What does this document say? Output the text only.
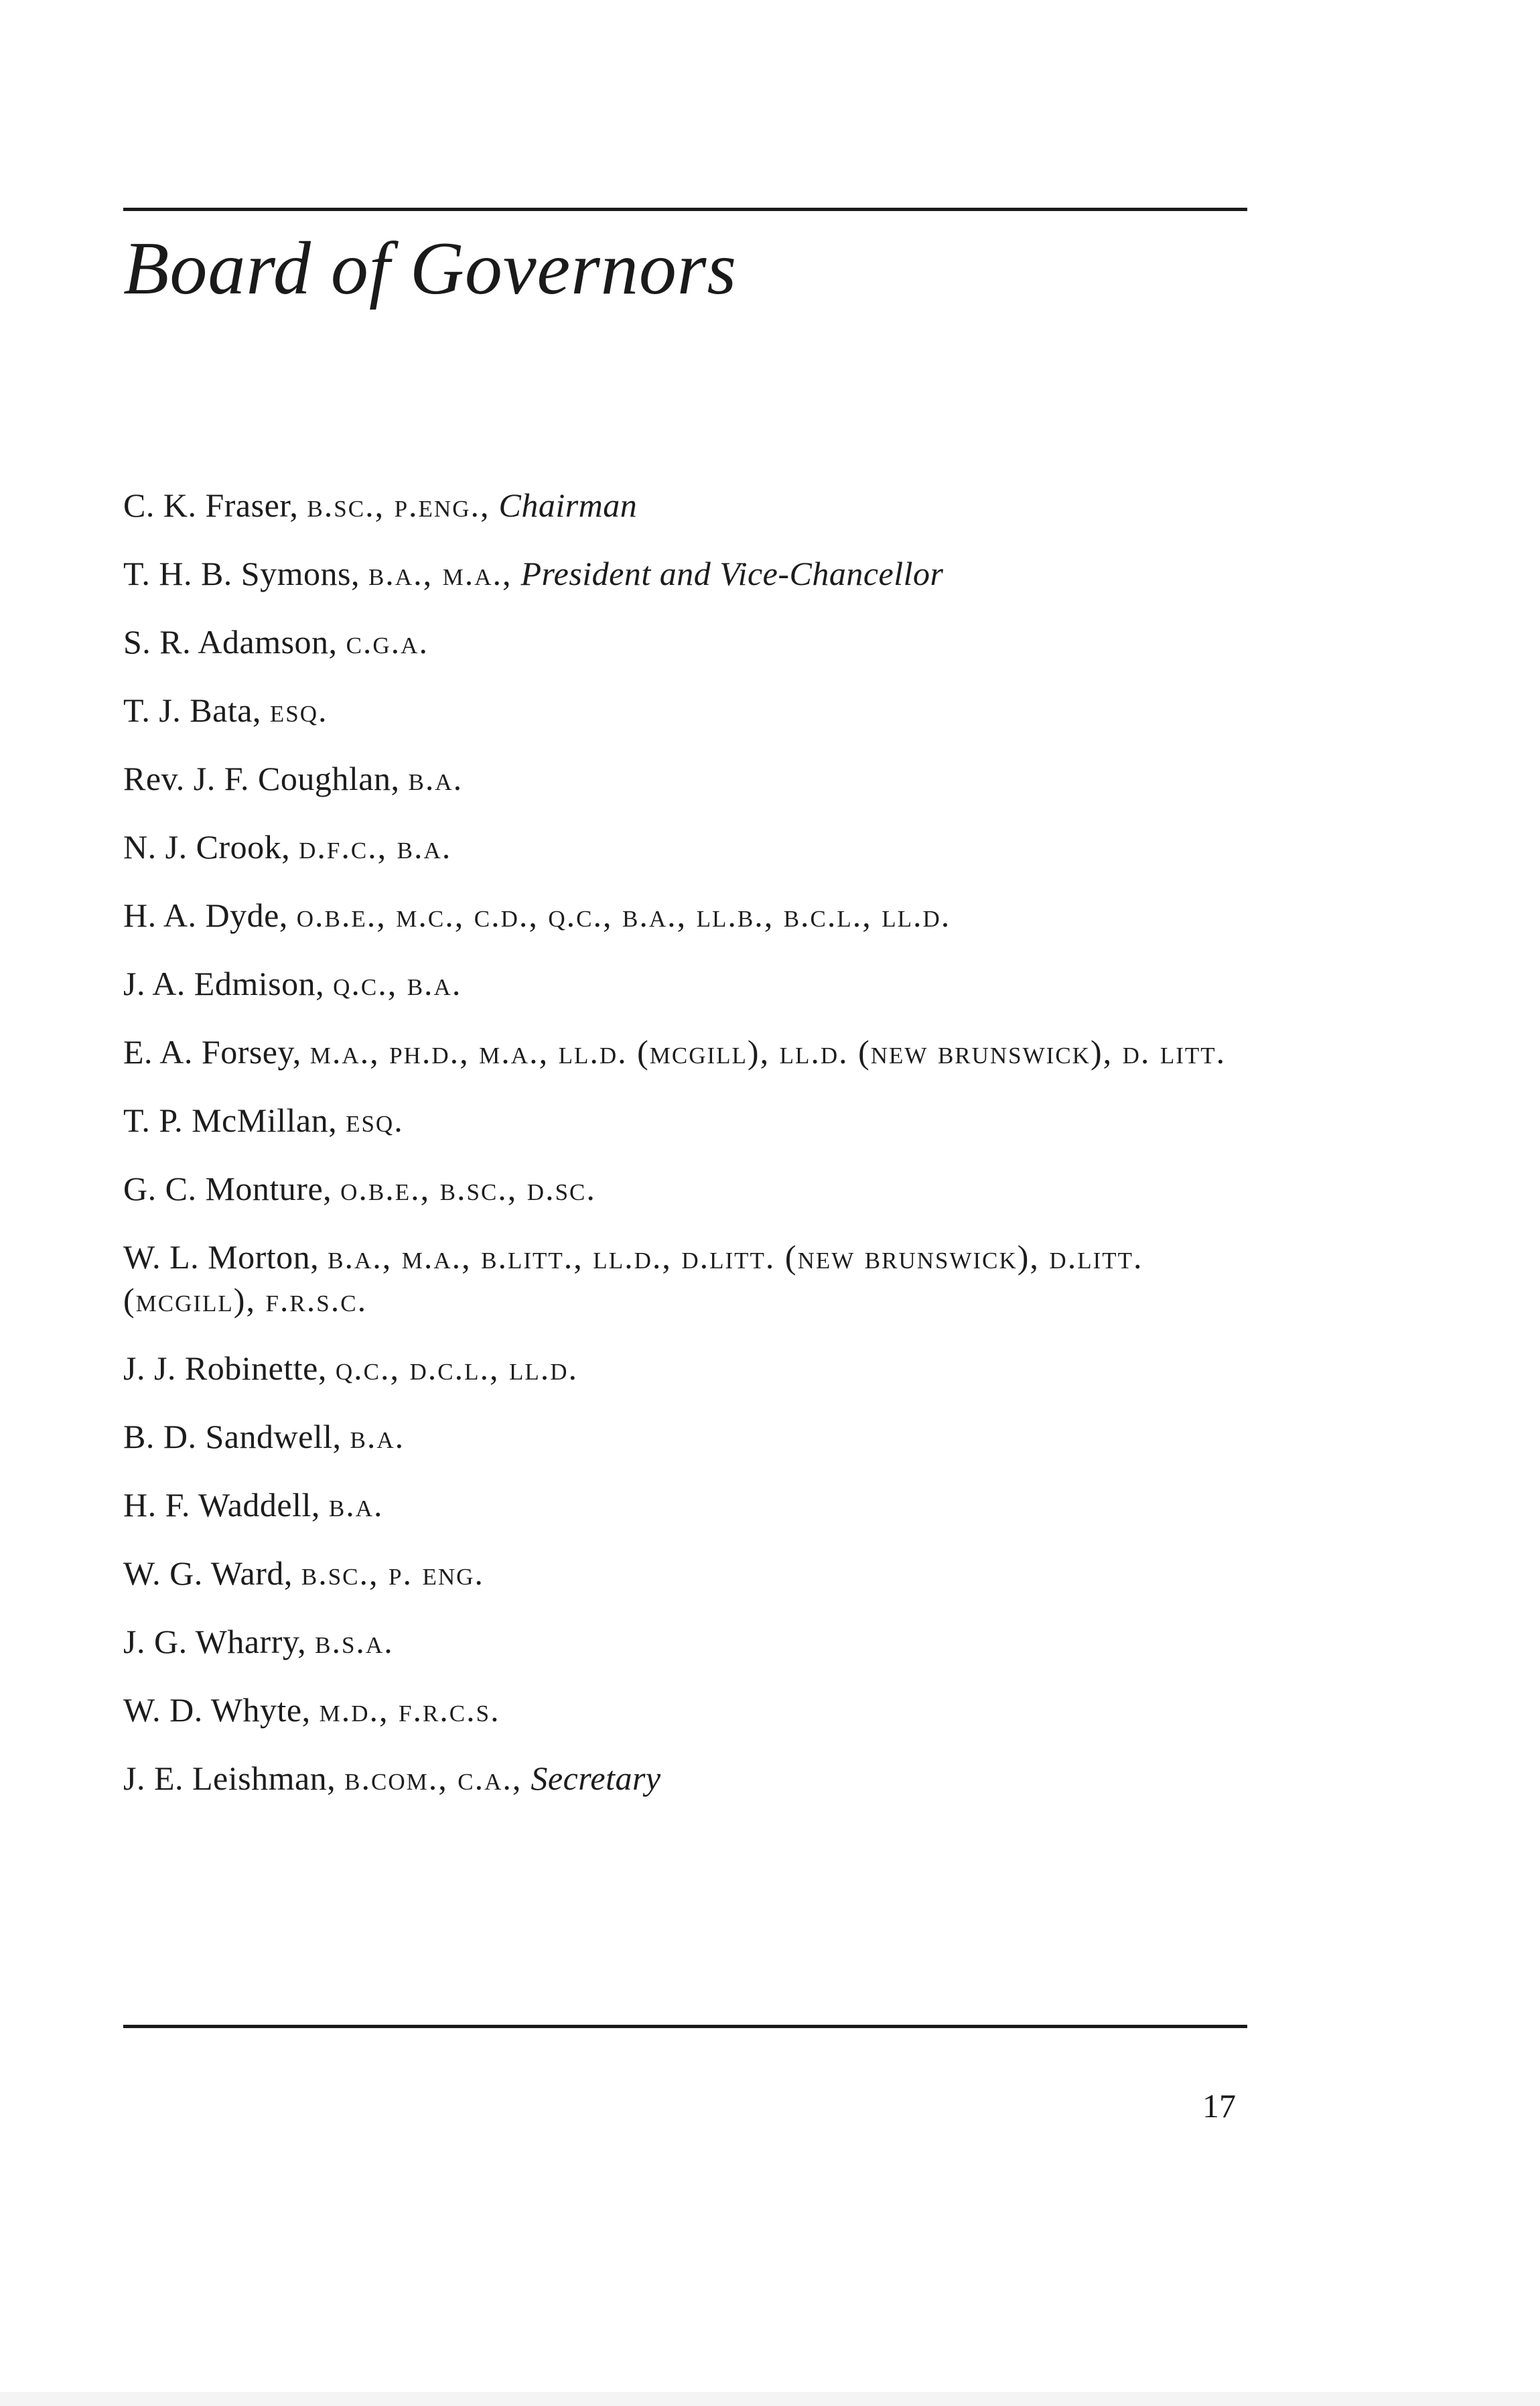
Board of Governors
C. K. Fraser, b.sc., p.eng., Chairman
T. H. B. Symons, b.a., m.a., President and Vice-Chancellor
S. R. Adamson, c.g.a.
T. J. Bata, esq.
Rev. J. F. Coughlan, b.a.
N. J. Crook, d.f.c., b.a.
H. A. Dyde, o.b.e., m.c., c.d., q.c., b.a., ll.b., b.c.l., ll.d.
J. A. Edmison, q.c., b.a.
E. A. Forsey, m.a., ph.d., m.a., ll.d. (mcgill), ll.d. (new brunswick), d. litt.
T. P. McMillan, esq.
G. C. Monture, o.b.e., b.sc., d.sc.
W. L. Morton, b.a., m.a., b.litt., ll.d., d.litt. (new brunswick), d.litt. (mcgill), f.r.s.c.
J. J. Robinette, q.c., d.c.l., ll.d.
B. D. Sandwell, b.a.
H. F. Waddell, b.a.
W. G. Ward, b.sc., p. eng.
J. G. Wharry, b.s.a.
W. D. Whyte, m.d., f.r.c.s.
J. E. Leishman, b.com., c.a., Secretary
17
